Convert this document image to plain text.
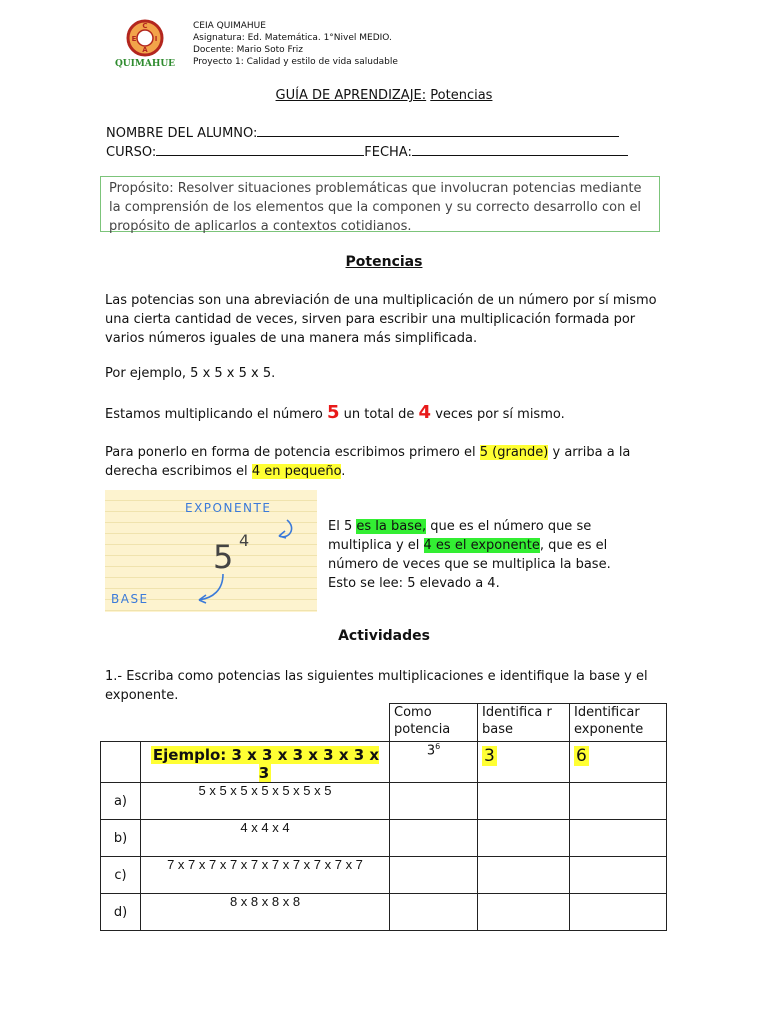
C
E	I
A
QUIMAHUE
CEIA QUIMAHUE
Asignatura: Ed. Matemática. 1°Nivel MEDIO.
Docente: Mario Soto Friz
Proyecto 1: Calidad y estilo de vida saludable
GUÍA DE APRENDIZAJE: Potencias
NOMBRE DEL ALUMNO:
CURSO:	FECHA:
Propósito: Resolver situaciones problemáticas que involucran potencias mediante la comprensión de los elementos que la componen y su correcto desarrollo con el propósito de aplicarlos a contextos cotidianos.
Potencias
Las potencias son una abreviación de una multiplicación de un número por sí mismo una cierta cantidad de veces, sirven para escribir una multiplicación formada por varios números iguales de una manera más simplificada.
Por ejemplo, 5 x 5 x 5 x 5.
Estamos multiplicando el número 5 un total de 4 veces por sí mismo.
Para ponerlo en forma de potencia escribimos primero el 5 (grande) y arriba a la derecha escribimos el 4 en pequeño.
EXPONENTE
5 4
BASE
El 5 es la base, que es el número que se multiplica y el 4 es el exponente, que es el número de veces que se multiplica la base.
Esto se lee: 5 elevado a 4.
Actividades
1.- Escriba como potencias las siguientes multiplicaciones e identifique la base y el exponente.
		Como potencia	Identifica r base	Identificar exponente
	Ejemplo: 3 x 3 x 3 x 3 x 3 x 3	$3^6$	3	6
a)	5 x 5 x 5 x 5 x 5 x 5 x 5			
b)	4 x 4 x 4			
c)	7 x 7 x 7 x 7 x 7 x 7 x 7 x 7 x 7 x 7			
d)	8 x 8 x 8 x 8			
